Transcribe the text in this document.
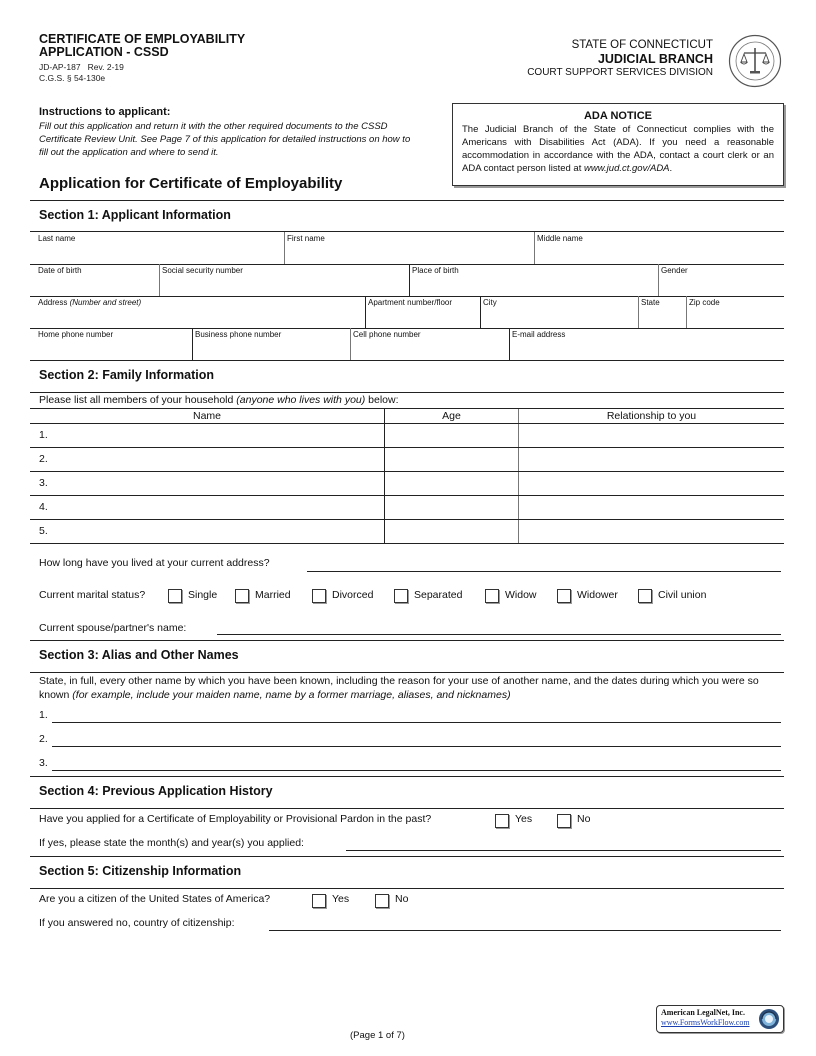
CERTIFICATE OF EMPLOYABILITY
APPLICATION - CSSD
JD-AP-187   Rev. 2-19
C.G.S. § 54-130e
STATE OF CONNECTICUT
JUDICIAL BRANCH
COURT SUPPORT SERVICES DIVISION
Instructions to applicant:
Fill out this application and return it with the other required documents to the CSSD Certificate Review Unit. See Page 7 of this application for detailed instructions on how to fill out the application and where to send it.
ADA NOTICE
The Judicial Branch of the State of Connecticut complies with the Americans with Disabilities Act (ADA). If you need a reasonable accommodation in accordance with the ADA, contact a court clerk or an ADA contact person listed at www.jud.ct.gov/ADA.
Application for Certificate of Employability
Section 1: Applicant Information
Last name	First name	Middle name
Date of birth	Social security number	Place of birth	Gender
Address (Number and street)	Apartment number/floor	City	State	Zip code
Home phone number	Business phone number	Cell phone number	E-mail address
Section 2: Family Information
Please list all members of your household (anyone who lives with you) below:
Name	Age	Relationship to you
1.
2.
3.
4.
5.
How long have you lived at your current address?
Current marital status?	Single	Married	Divorced	Separated	Widow	Widower	Civil union
Current spouse/partner's name:
Section 3: Alias and Other Names
State, in full, every other name by which you have been known, including the reason for your use of another name, and the dates during which you were so known (for example, include your maiden name, name by a former marriage, aliases, and nicknames)
1.
2.
3.
Section 4: Previous Application History
Have you applied for a Certificate of Employability or Provisional Pardon in the past?	Yes	No
If yes, please state the month(s) and year(s) you applied:
Section 5: Citizenship Information
Are you a citizen of the United States of America?	Yes	No
If you answered no, country of citizenship:
(Page 1 of 7)
American LegalNet, Inc.
www.FormsWorkFlow.com
